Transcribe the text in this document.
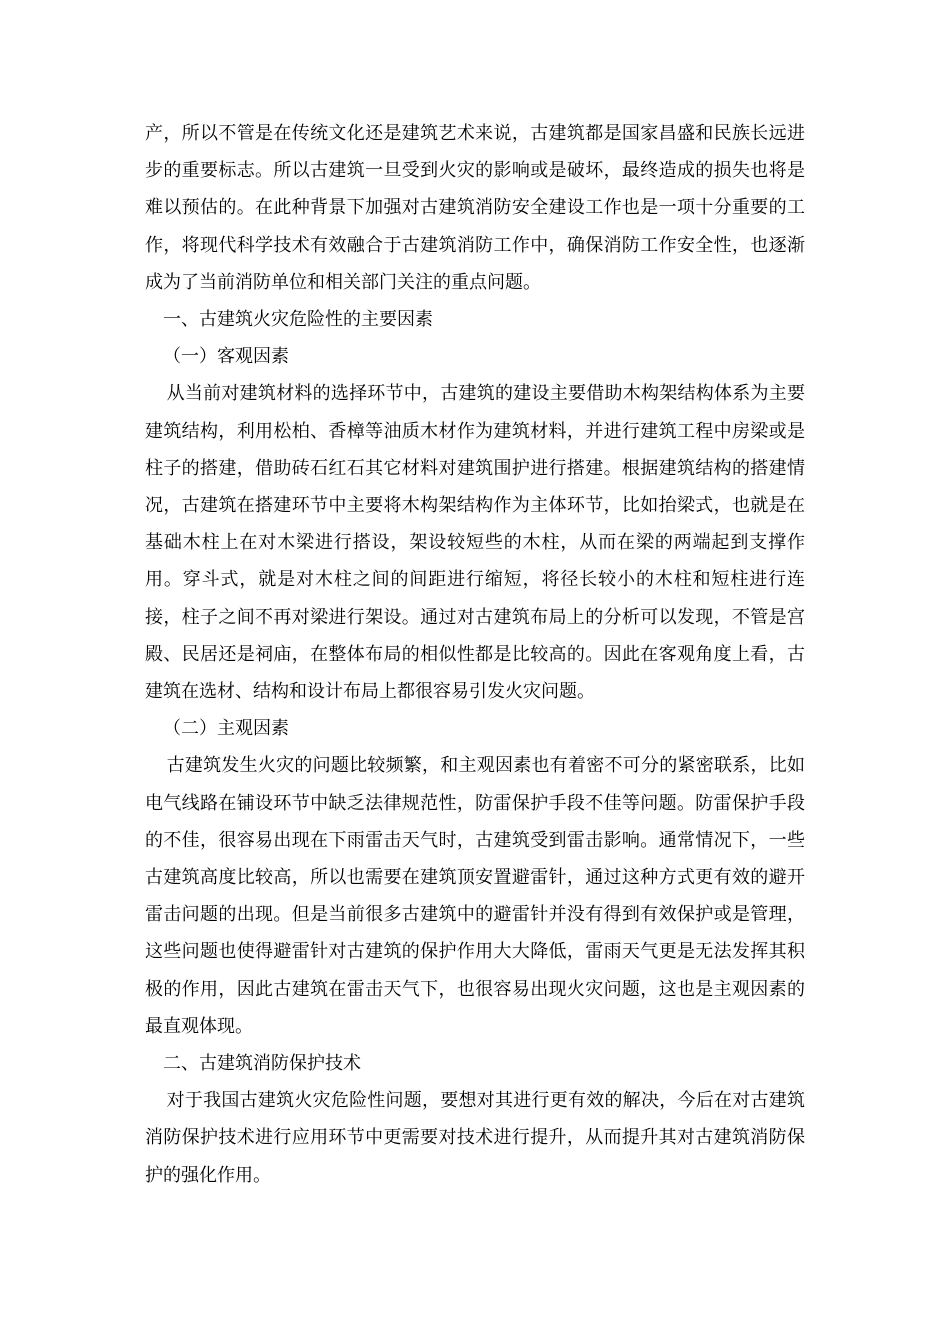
产，所以不管是在传统文化还是建筑艺术来说，古建筑都是国家昌盛和民族长远进步的重要标志。所以古建筑一旦受到火灾的影响或是破坏，最终造成的损失也将是难以预估的。在此种背景下加强对古建筑消防安全建设工作也是一项十分重要的工作，将现代科学技术有效融合于古建筑消防工作中，确保消防工作安全性，也逐渐成为了当前消防单位和相关部门关注的重点问题。

一、古建筑火灾危险性的主要因素

（一）客观因素

从当前对建筑材料的选择环节中，古建筑的建设主要借助木构架结构体系为主要建筑结构，利用松柏、香樟等油质木材作为建筑材料，并进行建筑工程中房梁或是柱子的搭建，借助砖石红石其它材料对建筑围护进行搭建。根据建筑结构的搭建情况，古建筑在搭建环节中主要将木构架结构作为主体环节，比如抬梁式，也就是在基础木柱上在对木梁进行搭设，架设较短些的木柱，从而在梁的两端起到支撑作用。穿斗式，就是对木柱之间的间距进行缩短，将径长较小的木柱和短柱进行连接，柱子之间不再对梁进行架设。通过对古建筑布局上的分析可以发现，不管是宫殿、民居还是祠庙，在整体布局的相似性都是比较高的。因此在客观角度上看，古建筑在选材、结构和设计布局上都很容易引发火灾问题。

（二）主观因素

古建筑发生火灾的问题比较频繁，和主观因素也有着密不可分的紧密联系，比如电气线路在铺设环节中缺乏法律规范性，防雷保护手段不佳等问题。防雷保护手段的不佳，很容易出现在下雨雷击天气时，古建筑受到雷击影响。通常情况下，一些古建筑高度比较高，所以也需要在建筑顶安置避雷针，通过这种方式更有效的避开雷击问题的出现。但是当前很多古建筑中的避雷针并没有得到有效保护或是管理，这些问题也使得避雷针对古建筑的保护作用大大降低，雷雨天气更是无法发挥其积极的作用，因此古建筑在雷击天气下，也很容易出现火灾问题，这也是主观因素的最直观体现。

二、古建筑消防保护技术

对于我国古建筑火灾危险性问题，要想对其进行更有效的解决，今后在对古建筑消防保护技术进行应用环节中更需要对技术进行提升，从而提升其对古建筑消防保护的强化作用。
